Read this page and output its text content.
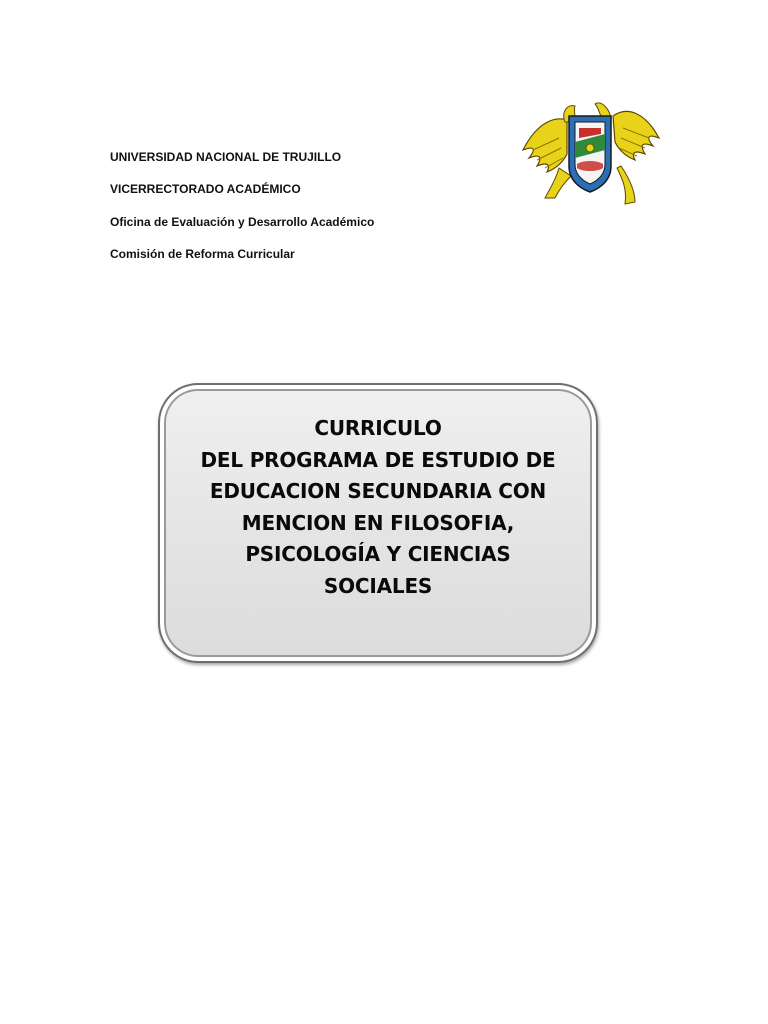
UNIVERSIDAD NACIONAL DE TRUJILLO
VICERRECTORADO ACADÉMICO
Oficina de Evaluación y Desarrollo Académico
Comisión de Reforma Curricular
CURRICULO
DEL PROGRAMA DE ESTUDIO DE
EDUCACION SECUNDARIA CON
MENCION EN FILOSOFIA,
PSICOLOGÍA Y CIENCIAS
SOCIALES
